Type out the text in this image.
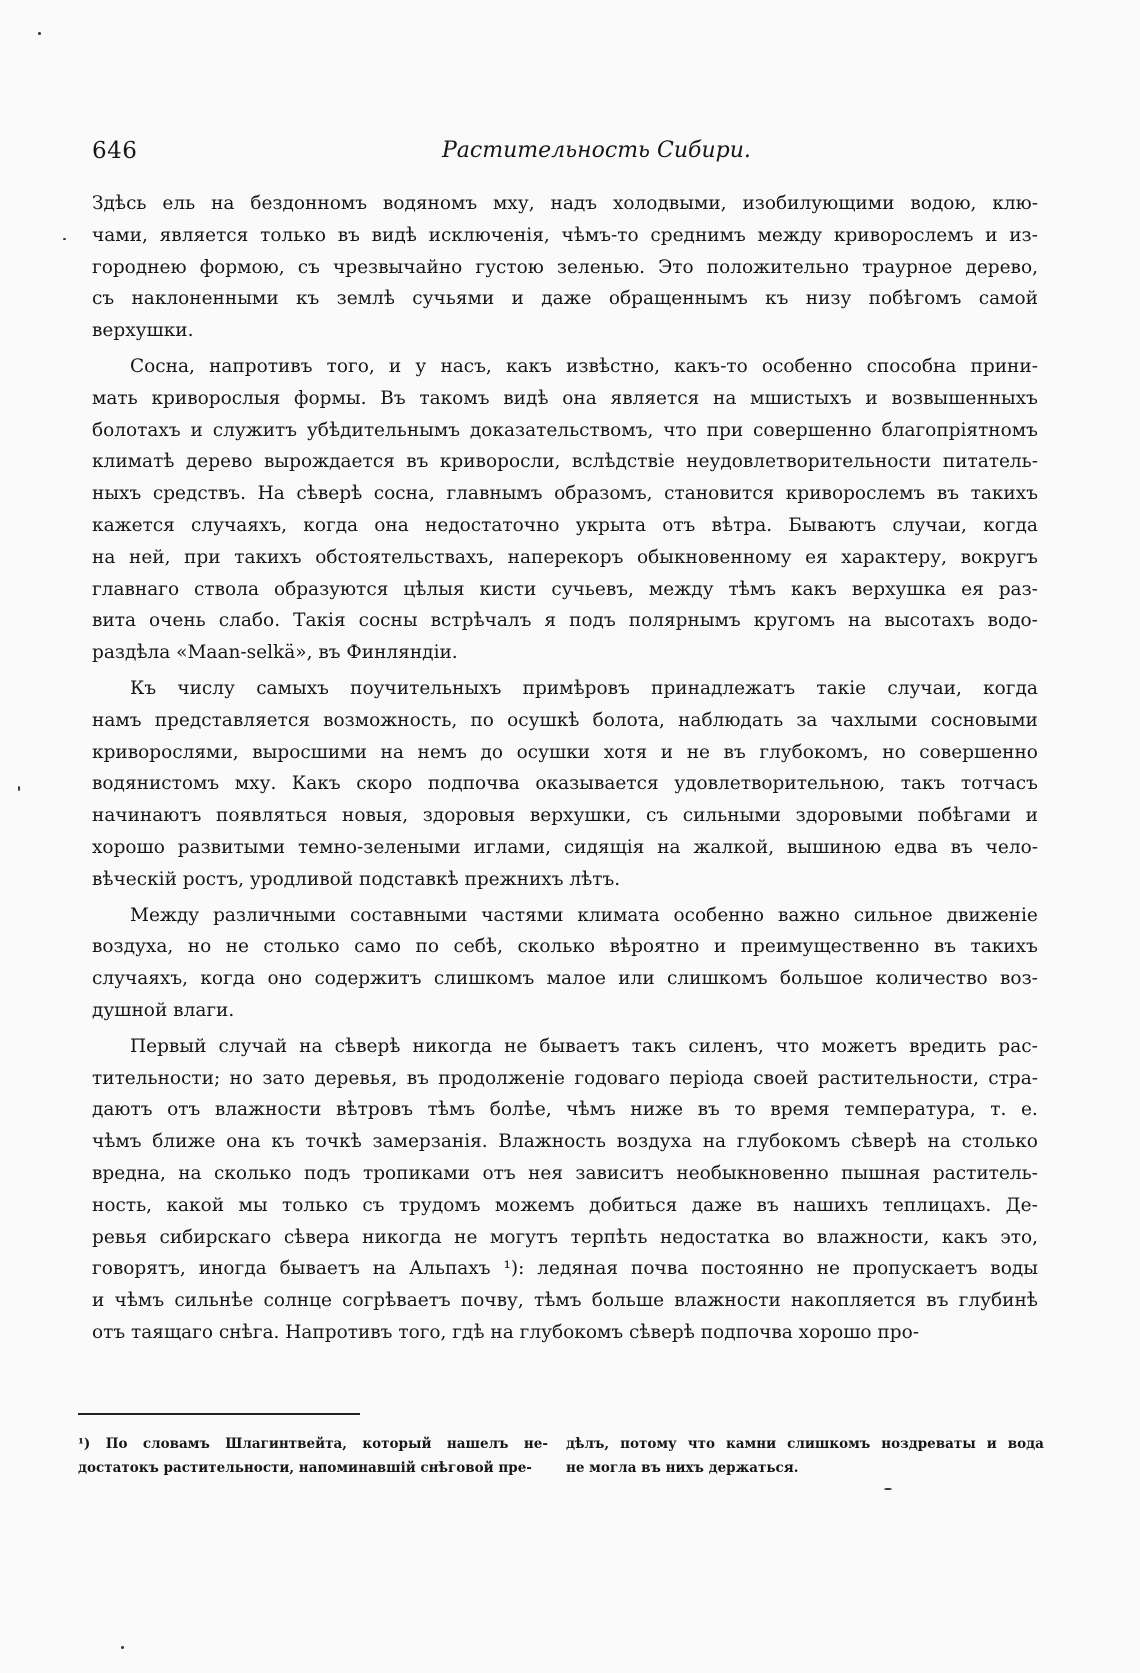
646	Растительность Сибири.
Здѣсь ель на бездонномъ водяномъ мху, надъ холодвыми, изобилующими водою, клю-
чами, является только въ видѣ исключенія, чѣмъ-то среднимъ между криворослемъ и из-
городнею формою, съ чрезвычайно густою зеленью. Это положительно траурное дерево,
съ наклоненными къ землѣ сучьями и даже обращеннымъ къ низу побѣгомъ самой
верхушки.
Сосна, напротивъ того, и у насъ, какъ извѣстно, какъ-то особенно способна прини-
мать криворослыя формы. Въ такомъ видѣ она является на мшистыхъ и возвышенныхъ
болотахъ и служитъ убѣдительнымъ доказательствомъ, что при совершенно благопріятномъ
климатѣ дерево вырождается въ криворосли, вслѣдствіе неудовлетворительности питатель-
ныхъ средствъ. На сѣверѣ сосна, главнымъ образомъ, становится криворослемъ въ такихъ
кажется случаяхъ, когда она недостаточно укрыта отъ вѣтра. Бываютъ случаи, когда
на ней, при такихъ обстоятельствахъ, наперекоръ обыкновенному ея характеру, вокругъ
главнаго ствола образуются цѣлыя кисти сучьевъ, между тѣмъ какъ верхушка ея раз-
вита очень слабо. Такія сосны встрѣчалъ я подъ полярнымъ кругомъ на высотахъ водо-
раздѣла «Maan-selkä», въ Финляндіи.
Къ числу самыхъ поучительныхъ примѣровъ принадлежатъ такіе случаи, когда
намъ представляется возможность, по осушкѣ болота, наблюдать за чахлыми сосновыми
криворослями, выросшими на немъ до осушки хотя и не въ глубокомъ, но совершенно
водянистомъ мху. Какъ скоро подпочва оказывается удовлетворительною, такъ тотчасъ
начинаютъ появляться новыя, здоровыя верхушки, съ сильными здоровыми побѣгами и
хорошо развитыми темно-зелеными иглами, сидящія на жалкой, вышиною едва въ чело-
вѣческій ростъ, уродливой подставкѣ прежнихъ лѣтъ.
Между различными составными частями климата особенно важно сильное движеніе
воздуха, но не столько само по себѣ, сколько вѣроятно и преимущественно въ такихъ
случаяхъ, когда оно содержитъ слишкомъ малое или слишкомъ большое количество воз-
душной влаги.
Первый случай на сѣверѣ никогда не бываетъ такъ силенъ, что можетъ вредить рас-
тительности; но зато деревья, въ продолженіе годоваго періода своей растительности, стра-
даютъ отъ влажности вѣтровъ тѣмъ болѣе, чѣмъ ниже въ то время температура, т. е.
чѣмъ ближе она къ точкѣ замерзанія. Влажность воздуха на глубокомъ сѣверѣ на столько
вредна, на сколько подъ тропиками отъ нея зависитъ необыкновенно пышная раститель-
ность, какой мы только съ трудомъ можемъ добиться даже въ нашихъ теплицахъ. Де-
ревья сибирскаго сѣвера никогда не могутъ терпѣть недостатка во влажности, какъ это,
говорятъ, иногда бываетъ на Альпахъ ¹): ледяная почва постоянно не пропускаетъ воды
и чѣмъ сильнѣе солнце согрѣваетъ почву, тѣмъ больше влажности накопляется въ глубинѣ
отъ таящаго снѣга. Напротивъ того, гдѣ на глубокомъ сѣверѣ подпочва хорошо про-
¹) По словамъ Шлагинтвейта, который нашелъ не-
достатокъ растительности, напоминавшій снѣговой пре-
дѣлъ, потому что камни слишкомъ ноздреваты и вода
не могла въ нихъ держаться.
